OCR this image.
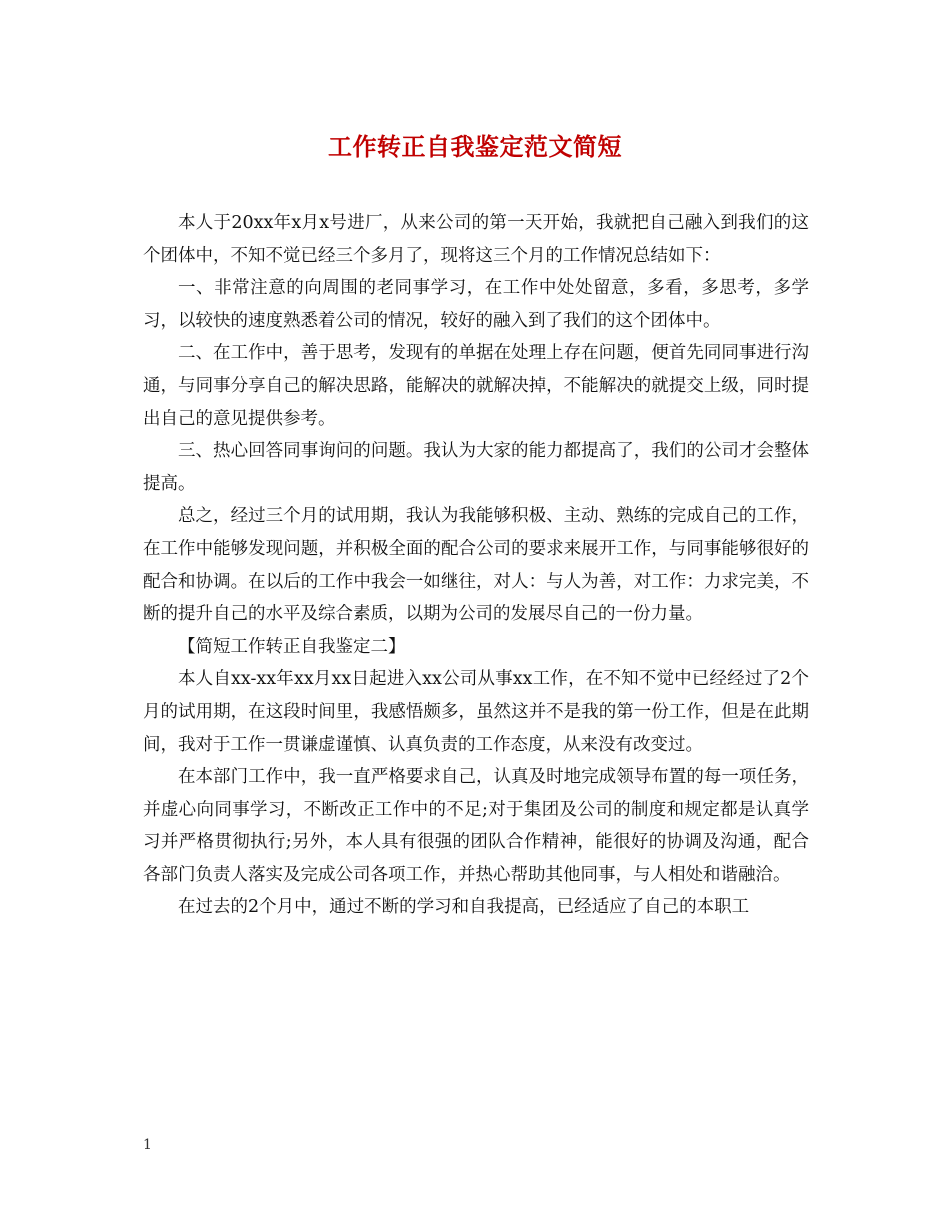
工作转正自我鉴定范文简短

本人于20xx年x月x号进厂，从来公司的第一天开始，我就把自己融入到我们的这个团体中，不知不觉已经三个多月了，现将这三个月的工作情况总结如下：

一、非常注意的向周围的老同事学习，在工作中处处留意，多看，多思考，多学习，以较快的速度熟悉着公司的情况，较好的融入到了我们的这个团体中。

二、在工作中，善于思考，发现有的单据在处理上存在问题，便首先同同事进行沟通，与同事分享自己的解决思路，能解决的就解决掉，不能解决的就提交上级，同时提出自己的意见提供参考。

三、热心回答同事询问的问题。我认为大家的能力都提高了，我们的公司才会整体提高。

总之，经过三个月的试用期，我认为我能够积极、主动、熟练的完成自己的工作，在工作中能够发现问题，并积极全面的配合公司的要求来展开工作，与同事能够很好的配合和协调。在以后的工作中我会一如继往，对人：与人为善，对工作：力求完美，不断的提升自己的水平及综合素质，以期为公司的发展尽自己的一份力量。

【简短工作转正自我鉴定二】

本人自xx-xx年xx月xx日起进入xx公司从事xx工作，在不知不觉中已经经过了2个月的试用期，在这段时间里，我感悟颇多，虽然这并不是我的第一份工作，但是在此期间，我对于工作一贯谦虚谨慎、认真负责的工作态度，从来没有改变过。

在本部门工作中，我一直严格要求自己，认真及时地完成领导布置的每一项任务，并虚心向同事学习，不断改正工作中的不足;对于集团及公司的制度和规定都是认真学习并严格贯彻执行;另外，本人具有很强的团队合作精神，能很好的协调及沟通，配合各部门负责人落实及完成公司各项工作，并热心帮助其他同事，与人相处和谐融洽。

在过去的2个月中，通过不断的学习和自我提高，已经适应了自己的本职工

1
